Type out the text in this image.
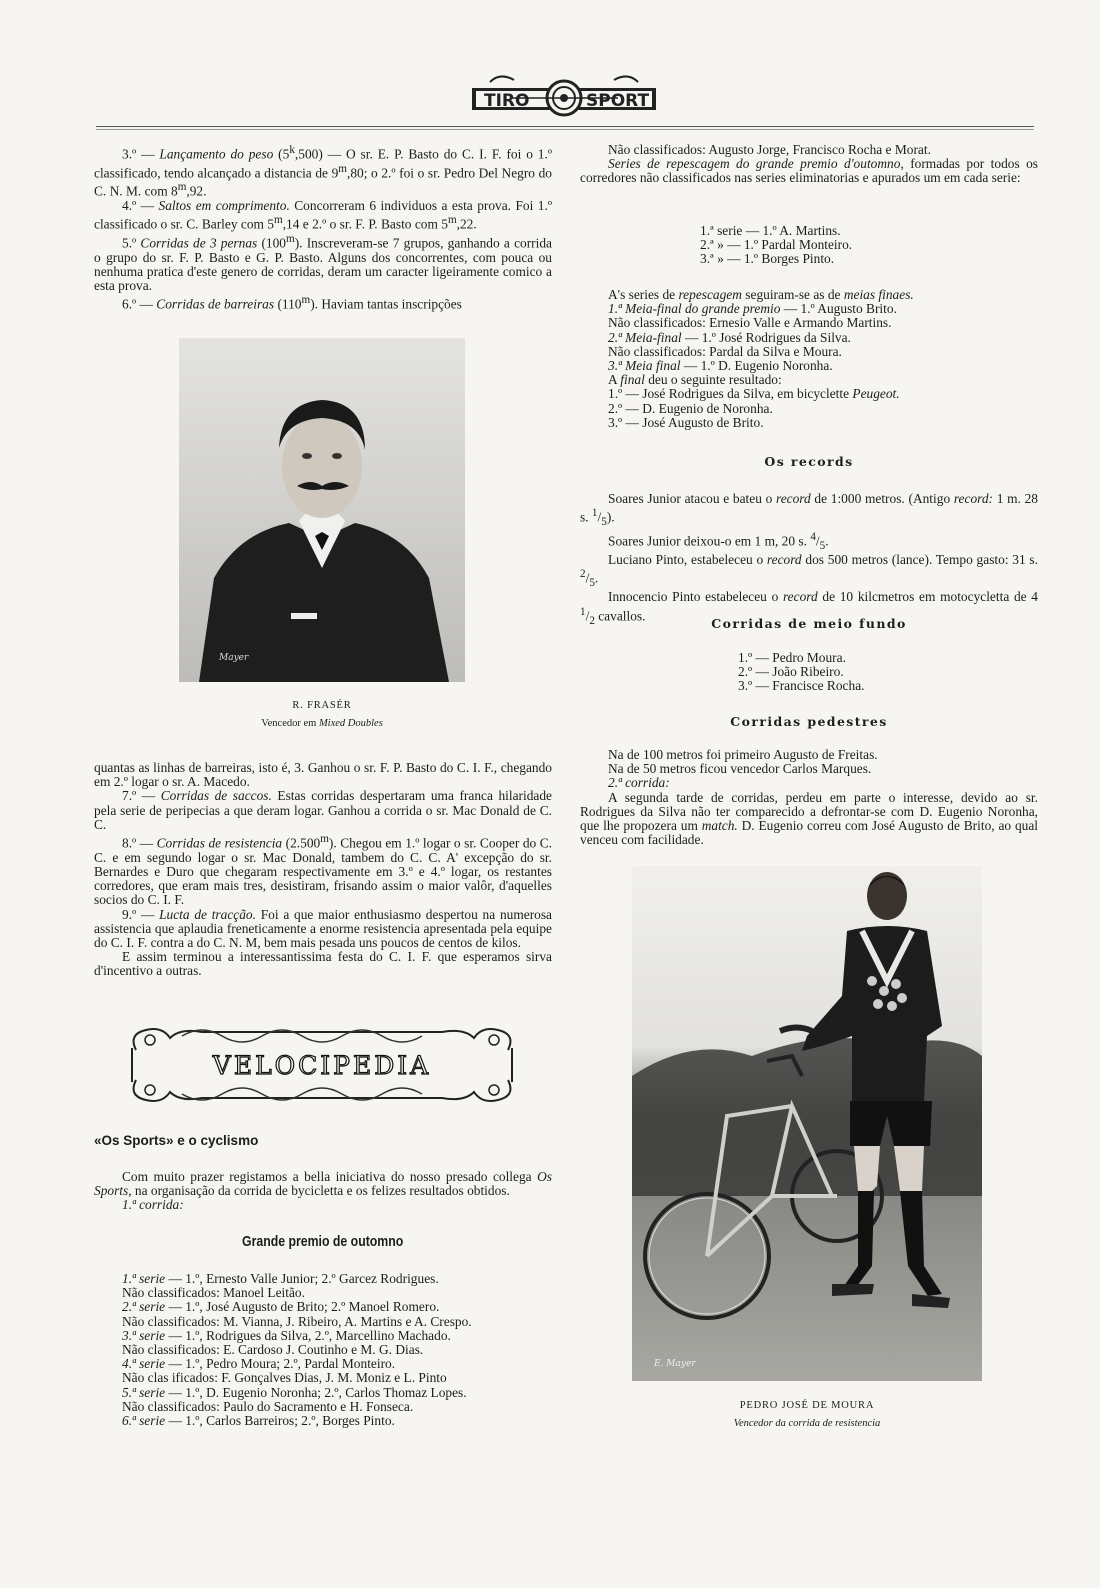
TIRO	SPORT

3.º — Lançamento do peso (5$^k$,500) — O sr. E. P. Basto do C. I. F. foi o 1.º classificado, tendo alcançado a distancia de 9$^m$,80; o 2.º foi o sr. Pedro Del Negro do C. N. M. com 8$^m$,92.

4.º — Saltos em comprimento. Concorreram 6 individuos a esta prova. Foi 1.º classificado o sr. C. Barley com 5$^m$,14 e 2.º o sr. F. P. Basto com 5$^m$,22.

5.º Corridas de 3 pernas (100$^m$). Inscreveram-se 7 grupos, ganhando a corrida o grupo do sr. F. P. Basto e G. P. Basto. Alguns dos concorrentes, com pouca ou nenhuma pratica d'este genero de corridas, deram um caracter ligeiramente comico a esta prova.

6.º — Corridas de barreiras (110$^m$). Haviam tantas inscripções

Mayer
R. FRASÉR
Vencedor em Mixed Doubles

quantas as linhas de barreiras, isto é, 3. Ganhou o sr. F. P. Basto do C. I. F., chegando em 2.º logar o sr. A. Macedo.

7.º — Corridas de saccos. Estas corridas despertaram uma franca hilaridade pela serie de peripecias a que deram logar. Ganhou a corrida o sr. Mac Donald de C. C.

8.º — Corridas de resistencia (2.500$^m$). Chegou em 1.º logar o sr. Cooper do C. C. e em segundo logar o sr. Mac Donald, tambem do C. C. A' excepção do sr. Bernardes e Duro que chegaram respectivamente em 3.º e 4.º logar, os restantes corredores, que eram mais tres, desistiram, frisando assim o maior valôr, d'aquelles socios do C. I. F.

9.º — Lucta de tracção. Foi a que maior enthusiasmo despertou na numerosa assistencia que aplaudia freneticamente a enorme resistencia apresentada pela equipe do C. I. F. contra a do C. N. M, bem mais pesada uns poucos de centos de kilos.

E assim terminou a interessantissima festa do C. I. F. que esperamos sirva d'incentivo a outras.

VELOCIPEDIA
«Os Sports» e o cyclismo

Com muito prazer registamos a bella iniciativa do nosso presado collega Os Sports, na organisação da corrida de bycicletta e os felizes resultados obtidos.

1.ª corrida:

Grande premio de outomno

1.ª serie — 1.º, Ernesto Valle Junior; 2.º Garcez Rodrigues.

Não classificados: Manoel Leitão.

2.ª serie — 1.º, José Augusto de Brito; 2.º Manoel Romero.

Não classificados: M. Vianna, J. Ribeiro, A. Martins e A. Crespo.

3.ª serie — 1.º, Rodrigues da Silva, 2.º, Marcellino Machado.

Não classificados: E. Cardoso J. Coutinho e M. G. Dias.

4.ª serie — 1.º, Pedro Moura; 2.º, Pardal Monteiro.

Não clas ificados: F. Gonçalves Dias, J. M. Moniz e L. Pinto

5.ª serie — 1.º, D. Eugenio Noronha; 2.º, Carlos Thomaz Lopes.

Não classificados: Paulo do Sacramento e H. Fonseca.

6.ª serie — 1.º, Carlos Barreiros; 2.º, Borges Pinto.

Não classificados: Augusto Jorge, Francisco Rocha e Morat.

Series de repescagem do grande premio d'outomno, formadas por todos os corredores não classificados nas series eliminatorias e apurados um em cada serie:

1.ª serie — 1.º A. Martins.

2.ª » — 1.º Pardal Monteiro.

3.ª » — 1.º Borges Pinto.

A's series de repescagem seguiram-se as de meias finaes.

1.ª Meia-final do grande premio — 1.º Augusto Brito.

Não classificados: Ernesio Valle e Armando Martins.

2.ª Meia-final — 1.º José Rodrigues da Silva.

Não classificados: Pardal da Silva e Moura.

3.ª Meia final — 1.º D. Eugenio Noronha.

A final deu o seguinte resultado:

1.º — José Rodrigues da Silva, em bicyclette Peugeot.

2.º — D. Eugenio de Noronha.

3.º — José Augusto de Brito.

Os records

Soares Junior atacou e bateu o record de 1:000 metros. (Antigo record: 1 m. 28 s. $^1/_5$).

Soares Junior deixou-o em 1 m, 20 s. $^4/_5$.

Luciano Pinto, estabeleceu o record dos 500 metros (lance). Tempo gasto: 31 s. $^2/_5$.

Innocencio Pinto estabeleceu o record de 10 kilcmetros em motocycletta de 4 $^1/_2$ cavallos.

Corridas de meio fundo

1.º — Pedro Moura.

2.º — João Ribeiro.

3.º — Francisce Rocha.

Corridas pedestres

Na de 100 metros foi primeiro Augusto de Freitas.

Na de 50 metros ficou vencedor Carlos Marques.

2.ª corrida:

A segunda tarde de corridas, perdeu em parte o interesse, devido ao sr. Rodrigues da Silva não ter comparecido a defrontar-se com D. Eugenio Noronha, que lhe propozera um match. D. Eugenio correu com José Augusto de Brito, ao qual venceu com facilidade.

E. Mayer
PEDRO JOSÉ DE MOURA
Vencedor da corrida de resistencia
